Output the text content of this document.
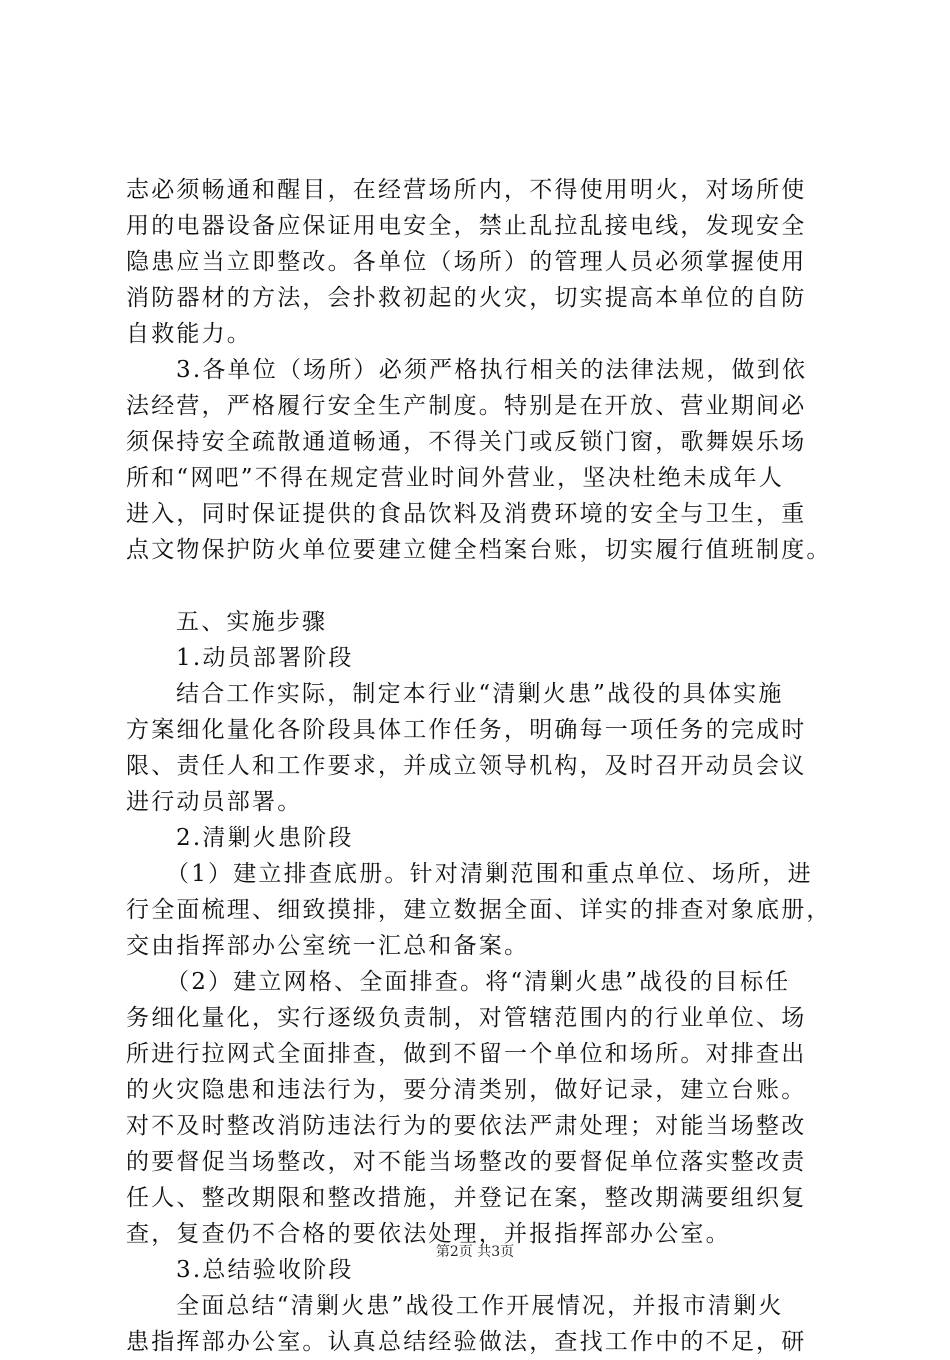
志必须畅通和醒目，在经营场所内，不得使用明火，对场所使
用的电器设备应保证用电安全，禁止乱拉乱接电线，发现安全
隐患应当立即整改。各单位（场所）的管理人员必须掌握使用
消防器材的方法，会扑救初起的火灾，切实提高本单位的自防
自救能力。
3.各单位（场所）必须严格执行相关的法律法规，做到依
法经营，严格履行安全生产制度。特别是在开放、营业期间必
须保持安全疏散通道畅通，不得关门或反锁门窗，歌舞娱乐场
所和“网吧”不得在规定营业时间外营业，坚决杜绝未成年人
进入，同时保证提供的食品饮料及消费环境的安全与卫生，重
点文物保护防火单位要建立健全档案台账，切实履行值班制度。
五、实施步骤
1.动员部署阶段
结合工作实际，制定本行业“清剿火患”战役的具体实施
方案细化量化各阶段具体工作任务，明确每一项任务的完成时
限、责任人和工作要求，并成立领导机构，及时召开动员会议
进行动员部署。
2.清剿火患阶段
（1）建立排查底册。针对清剿范围和重点单位、场所，进
行全面梳理、细致摸排，建立数据全面、详实的排查对象底册，
交由指挥部办公室统一汇总和备案。
（2）建立网格、全面排查。将“清剿火患”战役的目标任
务细化量化，实行逐级负责制，对管辖范围内的行业单位、场
所进行拉网式全面排查，做到不留一个单位和场所。对排查出
的火灾隐患和违法行为，要分清类别，做好记录，建立台账。
对不及时整改消防违法行为的要依法严肃处理；对能当场整改
的要督促当场整改，对不能当场整改的要督促单位落实整改责
任人、整改期限和整改措施，并登记在案，整改期满要组织复
查，复查仍不合格的要依法处理，并报指挥部办公室。
3.总结验收阶段
全面总结“清剿火患”战役工作开展情况，并报市清剿火
患指挥部办公室。认真总结经验做法，查找工作中的不足，研
第2页 共3页
